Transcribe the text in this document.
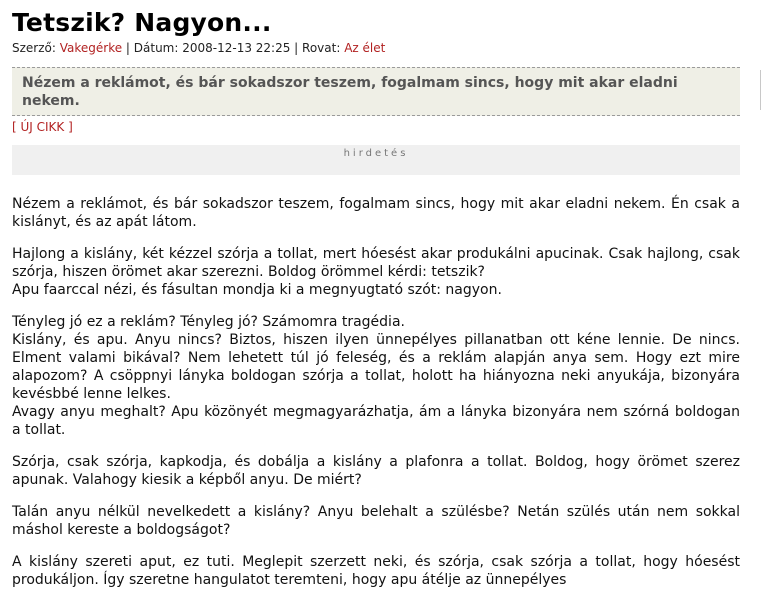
Tetszik? Nagyon...
Szerző: Vakegérke | Dátum: 2008-12-13 22:25 | Rovat: Az élet
Nézem a reklámot, és bár sokadszor teszem, fogalmam sincs, hogy mit akar eladni nekem.
[ ÚJ CIKK ]
hirdetés

Nézem a reklámot, és bár sokadszor teszem, fogalmam sincs, hogy mit akar eladni nekem. Én csak a kislányt, és az apát látom.

Hajlong a kislány, két kézzel szórja a tollat, mert hóesést akar produkálni apucinak. Csak hajlong, csak szórja, hiszen örömet akar szerezni. Boldog örömmel kérdi: tetszik?
Apu faarccal nézi, és fásultan mondja ki a megnyugtató szót: nagyon.

Tényleg jó ez a reklám? Tényleg jó? Számomra tragédia.
Kislány, és apu. Anyu nincs? Biztos, hiszen ilyen ünnepélyes pillanatban ott kéne lennie. De nincs. Elment valami bikával? Nem lehetett túl jó feleség, és a reklám alapján anya sem. Hogy ezt mire alapozom? A csöppnyi lányka boldogan szórja a tollat, holott ha hiányozna neki anyukája, bizonyára kevésbbé lenne lelkes.
Avagy anyu meghalt? Apu közönyét megmagyarázhatja, ám a lányka bizonyára nem szórná boldogan a tollat.

Szórja, csak szórja, kapkodja, és dobálja a kislány a plafonra a tollat. Boldog, hogy örömet szerez apunak. Valahogy kiesik a képből anyu. De miért?

Talán anyu nélkül nevelkedett a kislány? Anyu belehalt a szülésbe? Netán szülés után nem sokkal máshol kereste a boldogságot?

A kislány szereti aput, ez tuti. Meglepit szerzett neki, és szórja, csak szórja a tollat, hogy hóesést produkáljon. Így szeretne hangulatot teremteni, hogy apu átélje az ünnepélyes
